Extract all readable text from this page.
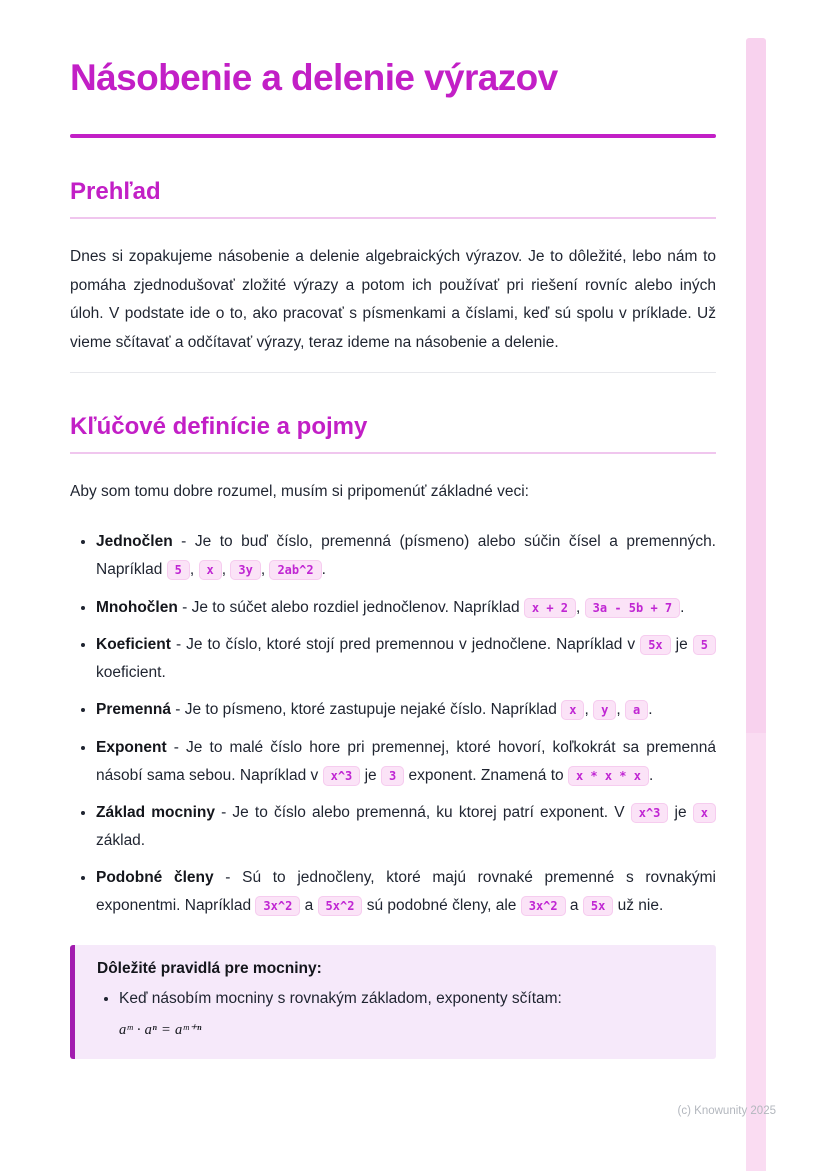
Násobenie a delenie výrazov
Prehľad

Dnes si zopakujeme násobenie a delenie algebraických výrazov. Je to dôležité, lebo nám to pomáha zjednodušovať zložité výrazy a potom ich používať pri riešení rovníc alebo iných úloh. V podstate ide o to, ako pracovať s písmenkami a číslami, keď sú spolu v príklade. Už vieme sčítavať a odčítavať výrazy, teraz ideme na násobenie a delenie.

Kľúčové definície a pojmy

Aby som tomu dobre rozumel, musím si pripomenúť základné veci:

• Jednočlen - Je to buď číslo, premenná (písmeno) alebo súčin čísel a premenných. Napríklad 5 , x , 3y , 2ab^2 .
• Mnohočlen - Je to súčet alebo rozdiel jednočlenov. Napríklad x + 2 , 3a - 5b + 7 .
• Koeficient - Je to číslo, ktoré stojí pred premennou v jednočlene. Napríklad v 5x je 5 koeficient.
• Premenná - Je to písmeno, ktoré zastupuje nejaké číslo. Napríklad x , y , a .
• Exponent - Je to malé číslo hore pri premennej, ktoré hovorí, koľkokrát sa premenná násobí sama sebou. Napríklad v x^3 je 3 exponent. Znamená to x * x * x .
• Základ mocniny - Je to číslo alebo premenná, ku ktorej patrí exponent. V x^3 je x základ.
• Podobné členy - Sú to jednočleny, ktoré majú rovnaké premenné s rovnakými exponentmi. Napríklad 3x^2 a 5x^2 sú podobné členy, ale 3x^2 a 5x už nie.

Dôležité pravidlá pre mocniny:

• Keď násobím mocniny s rovnakým základom, exponenty sčítam:
aᵐ · aⁿ = aᵐ⁺ⁿ
(c) Knowunity 2025
